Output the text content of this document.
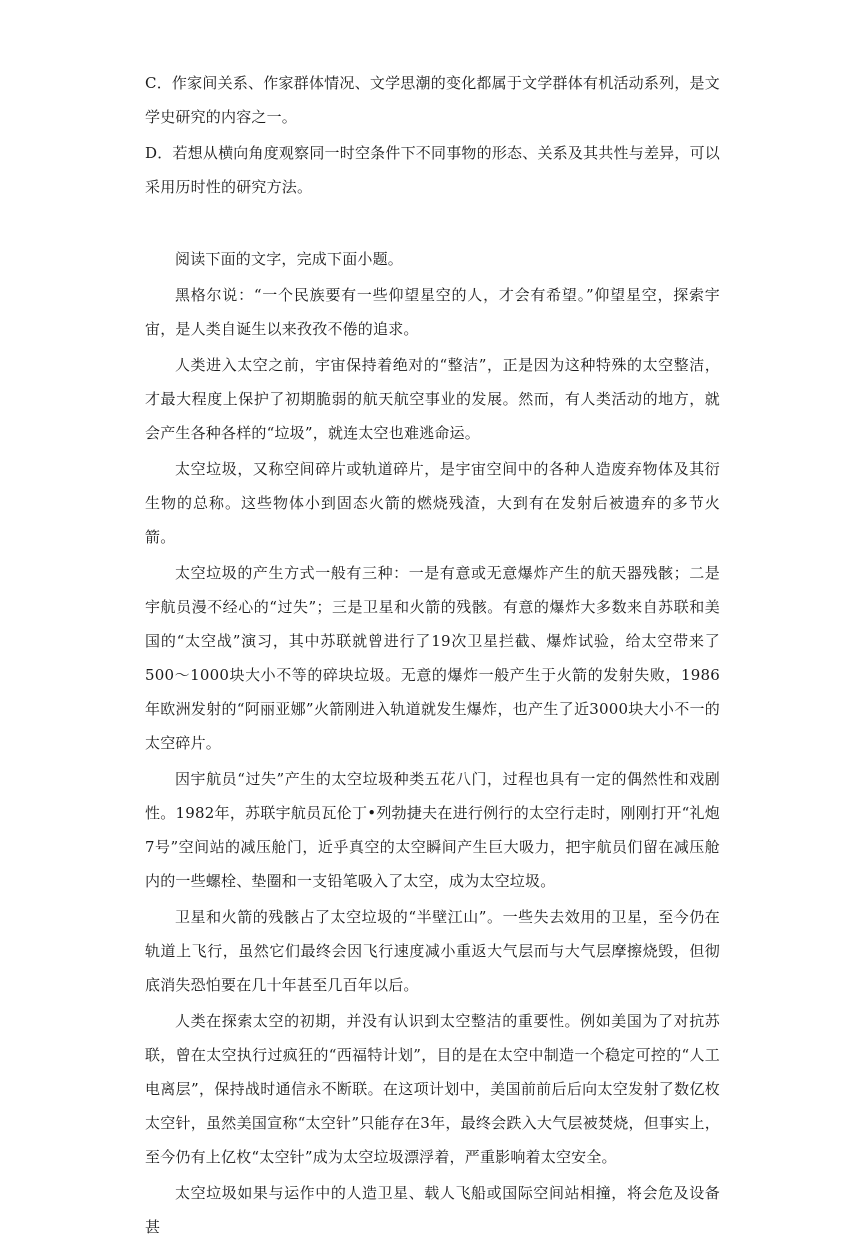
C．作家间关系、作家群体情况、文学思潮的变化都属于文学群体有机活动系列，是文学史研究的内容之一。

D．若想从横向角度观察同一时空条件下不同事物的形态、关系及其共性与差异，可以采用历时性的研究方法。

阅读下面的文字，完成下面小题。

黑格尔说：“一个民族要有一些仰望星空的人，才会有希望。”仰望星空，探索宇宙，是人类自诞生以来孜孜不倦的追求。

人类进入太空之前，宇宙保持着绝对的“整洁”，正是因为这种特殊的太空整洁，才最大程度上保护了初期脆弱的航天航空事业的发展。然而，有人类活动的地方，就会产生各种各样的“垃圾”，就连太空也难逃命运。

太空垃圾，又称空间碎片或轨道碎片，是宇宙空间中的各种人造废弃物体及其衍生物的总称。这些物体小到固态火箭的燃烧残渣，大到有在发射后被遗弃的多节火箭。

太空垃圾的产生方式一般有三种：一是有意或无意爆炸产生的航天器残骸；二是宇航员漫不经心的“过失”；三是卫星和火箭的残骸。有意的爆炸大多数来自苏联和美国的“太空战”演习，其中苏联就曾进行了19次卫星拦截、爆炸试验，给太空带来了500～1000块大小不等的碎块垃圾。无意的爆炸一般产生于火箭的发射失败，1986年欧洲发射的“阿丽亚娜”火箭刚进入轨道就发生爆炸，也产生了近3000块大小不一的太空碎片。

因宇航员“过失”产生的太空垃圾种类五花八门，过程也具有一定的偶然性和戏剧性。1982年，苏联宇航员瓦伦丁•列勃捷夫在进行例行的太空行走时，刚刚打开“礼炮7号”空间站的减压舱门，近乎真空的太空瞬间产生巨大吸力，把宇航员们留在减压舱内的一些螺栓、垫圈和一支铅笔吸入了太空，成为太空垃圾。

卫星和火箭的残骸占了太空垃圾的“半壁江山”。一些失去效用的卫星，至今仍在轨道上飞行，虽然它们最终会因飞行速度减小重返大气层而与大气层摩擦烧毁，但彻底消失恐怕要在几十年甚至几百年以后。

人类在探索太空的初期，并没有认识到太空整洁的重要性。例如美国为了对抗苏联，曾在太空执行过疯狂的“西福特计划”，目的是在太空中制造一个稳定可控的“人工电离层”，保持战时通信永不断联。在这项计划中，美国前前后后向太空发射了数亿枚太空针，虽然美国宣称“太空针”只能存在3年，最终会跌入大气层被焚烧，但事实上，至今仍有上亿枚“太空针”成为太空垃圾漂浮着，严重影响着太空安全。

太空垃圾如果与运作中的人造卫星、载人飞船或国际空间站相撞，将会危及设备甚
